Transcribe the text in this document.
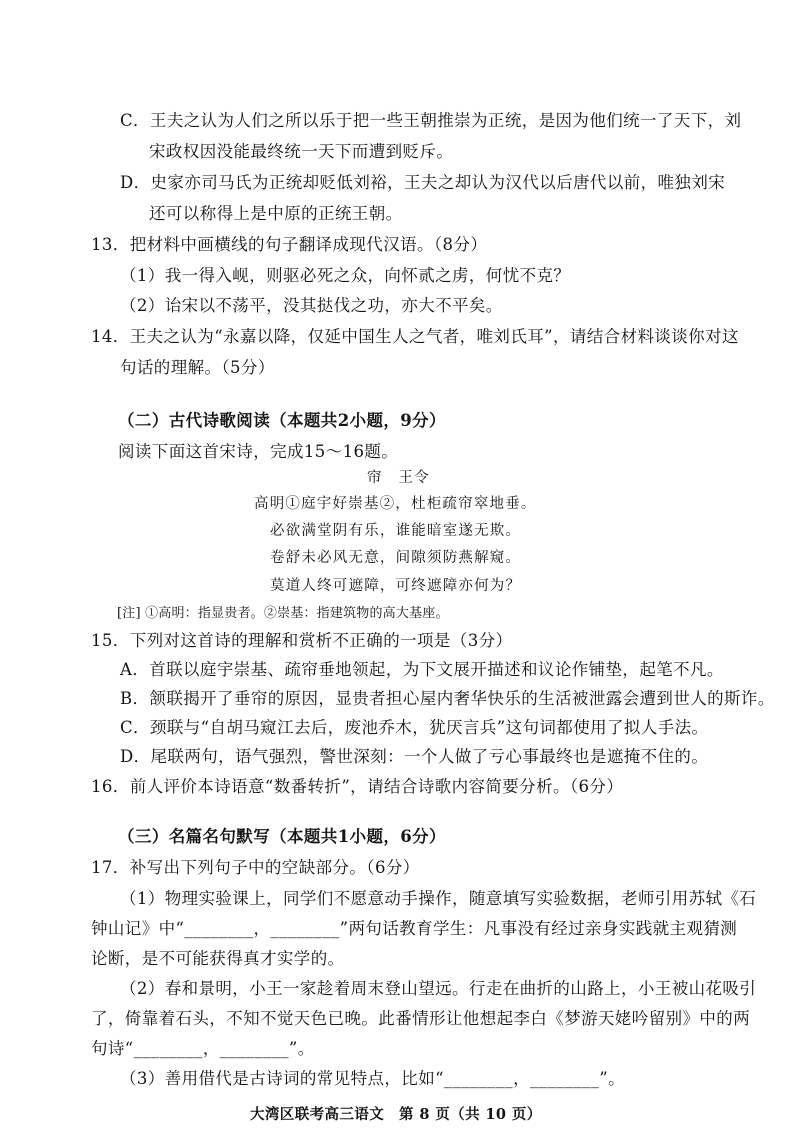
C．王夫之认为人们之所以乐于把一些王朝推崇为正统，是因为他们统一了天下，刘
宋政权因没能最终统一天下而遭到贬斥。
D．史家亦司马氏为正统却贬低刘裕，王夫之却认为汉代以后唐代以前，唯独刘宋
还可以称得上是中原的正统王朝。
13．把材料中画横线的句子翻译成现代汉语。（8分）
（1）我一得入岘，则驱必死之众，向怀贰之虏，何忧不克？
（2）诒宋以不荡平，没其挞伐之功，亦大不平矣。
14．王夫之认为“永嘉以降，仅延中国生人之气者，唯刘氏耳”，请结合材料谈谈你对这
句话的理解。（5分）
（二）古代诗歌阅读（本题共2小题，9分）
阅读下面这首宋诗，完成15～16题。
帘　王令
高明①庭宇好崇基②，杜柜疏帘窣地垂。
必欲满堂阴有乐，谁能暗室遂无欺。
卷舒未必风无意，间隙须防燕解窥。
莫道人终可遮障，可终遮障亦何为？
[注] ①高明：指显贵者。②崇基：指建筑物的高大基座。
15．下列对这首诗的理解和赏析不正确的一项是（3分）
A．首联以庭宇崇基、疏帘垂地领起，为下文展开描述和议论作铺垫，起笔不凡。
B．颔联揭开了垂帘的原因，显贵者担心屋内奢华快乐的生活被泄露会遭到世人的斯诈。
C．颈联与“自胡马窥江去后，废池乔木，犹厌言兵”这句词都使用了拟人手法。
D．尾联两句，语气强烈，警世深刻：一个人做了亏心事最终也是遮掩不住的。
16．前人评价本诗语意“数番转折”，请结合诗歌内容简要分析。（6分）
（三）名篇名句默写（本题共1小题，6分）
17．补写出下列句子中的空缺部分。（6分）
（1）物理实验课上，同学们不愿意动手操作，随意填写实验数据，老师引用苏轼《石
钟山记》中“________，________”两句话教育学生：凡事没有经过亲身实践就主观猜测
论断，是不可能获得真才实学的。
（2）春和景明，小王一家趁着周末登山望远。行走在曲折的山路上，小王被山花吸引
了，倚靠着石头，不知不觉天色已晚。此番情形让他想起李白《梦游天姥吟留别》中的两
句诗“________，________”。
（3）善用借代是古诗词的常见特点，比如“________，________”。
大湾区联考高三语文　第 8 页（共 10 页）
